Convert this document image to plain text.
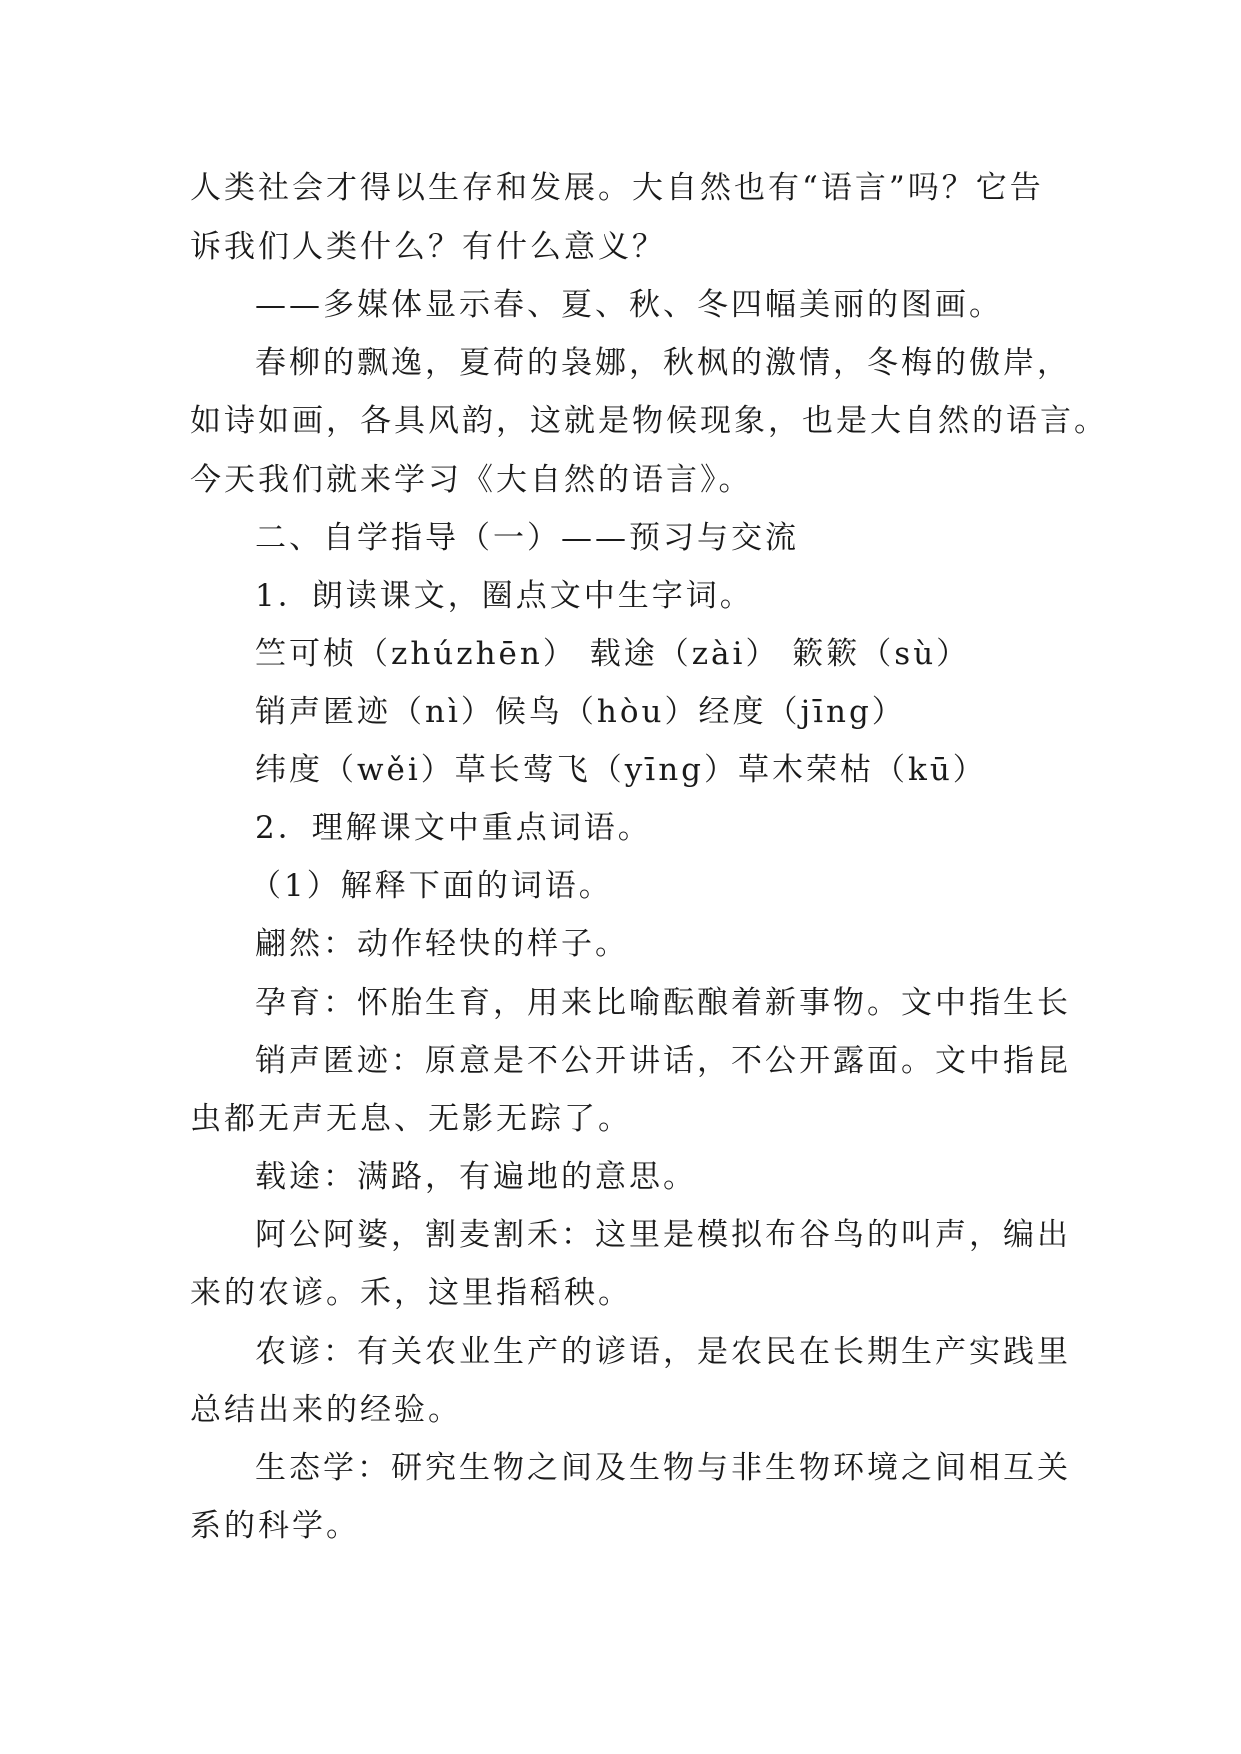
人类社会才得以生存和发展。大自然也有“语言”吗？它告
诉我们人类什么？有什么意义？
——多媒体显示春、夏、秋、冬四幅美丽的图画。
春柳的飘逸，夏荷的袅娜，秋枫的激情，冬梅的傲岸，
如诗如画，各具风韵，这就是物候现象，也是大自然的语言。
今天我们就来学习《大自然的语言》。
二、自学指导（一）——预习与交流
1．朗读课文，圈点文中生字词。
竺可桢（zhúzhēn） 载途（zài） 簌簌（sù）
销声匿迹（nì）候鸟（hòu）经度（jīng）
纬度（wěi）草长莺飞（yīng）草木荣枯（kū）
2．理解课文中重点词语。
（1）解释下面的词语。
翩然：动作轻快的样子。
孕育：怀胎生育，用来比喻酝酿着新事物。文中指生长
销声匿迹：原意是不公开讲话，不公开露面。文中指昆
虫都无声无息、无影无踪了。
载途：满路，有遍地的意思。
阿公阿婆，割麦割禾：这里是模拟布谷鸟的叫声，编出
来的农谚。禾，这里指稻秧。
农谚：有关农业生产的谚语，是农民在长期生产实践里
总结出来的经验。
生态学：研究生物之间及生物与非生物环境之间相互关
系的科学。
